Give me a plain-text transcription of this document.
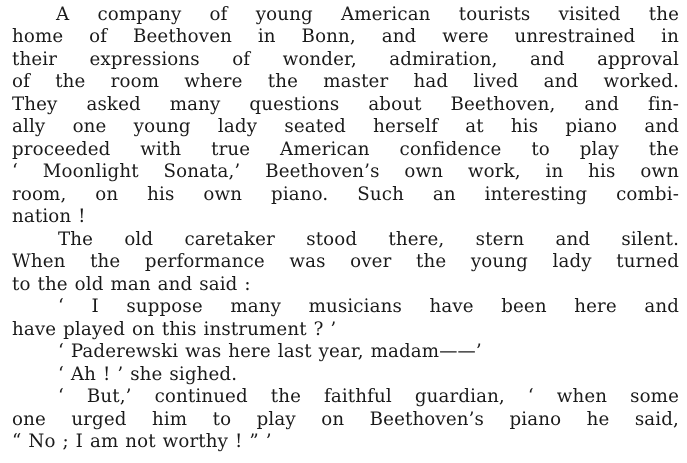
A company of young American tourists visited the
home of Beethoven in Bonn, and were unrestrained in
their expressions of wonder, admiration, and approval
of the room where the master had lived and worked.
They asked many questions about Beethoven, and fin-
ally one young lady seated herself at his piano and
proceeded with true American confidence to play the
‘ Moonlight Sonata,’ Beethoven’s own work, in his own
room, on his own piano. Such an interesting combi-
nation !
The old caretaker stood there, stern and silent.
When the performance was over the young lady turned
to the old man and said :
‘ I suppose many musicians have been here and
have played on this instrument ? ’
‘ Paderewski was here last year, madam——’
‘ Ah ! ’ she sighed.
‘ But,’ continued the faithful guardian, ‘ when some
one urged him to play on Beethoven’s piano he said,
“ No ; I am not worthy ! ” ’
